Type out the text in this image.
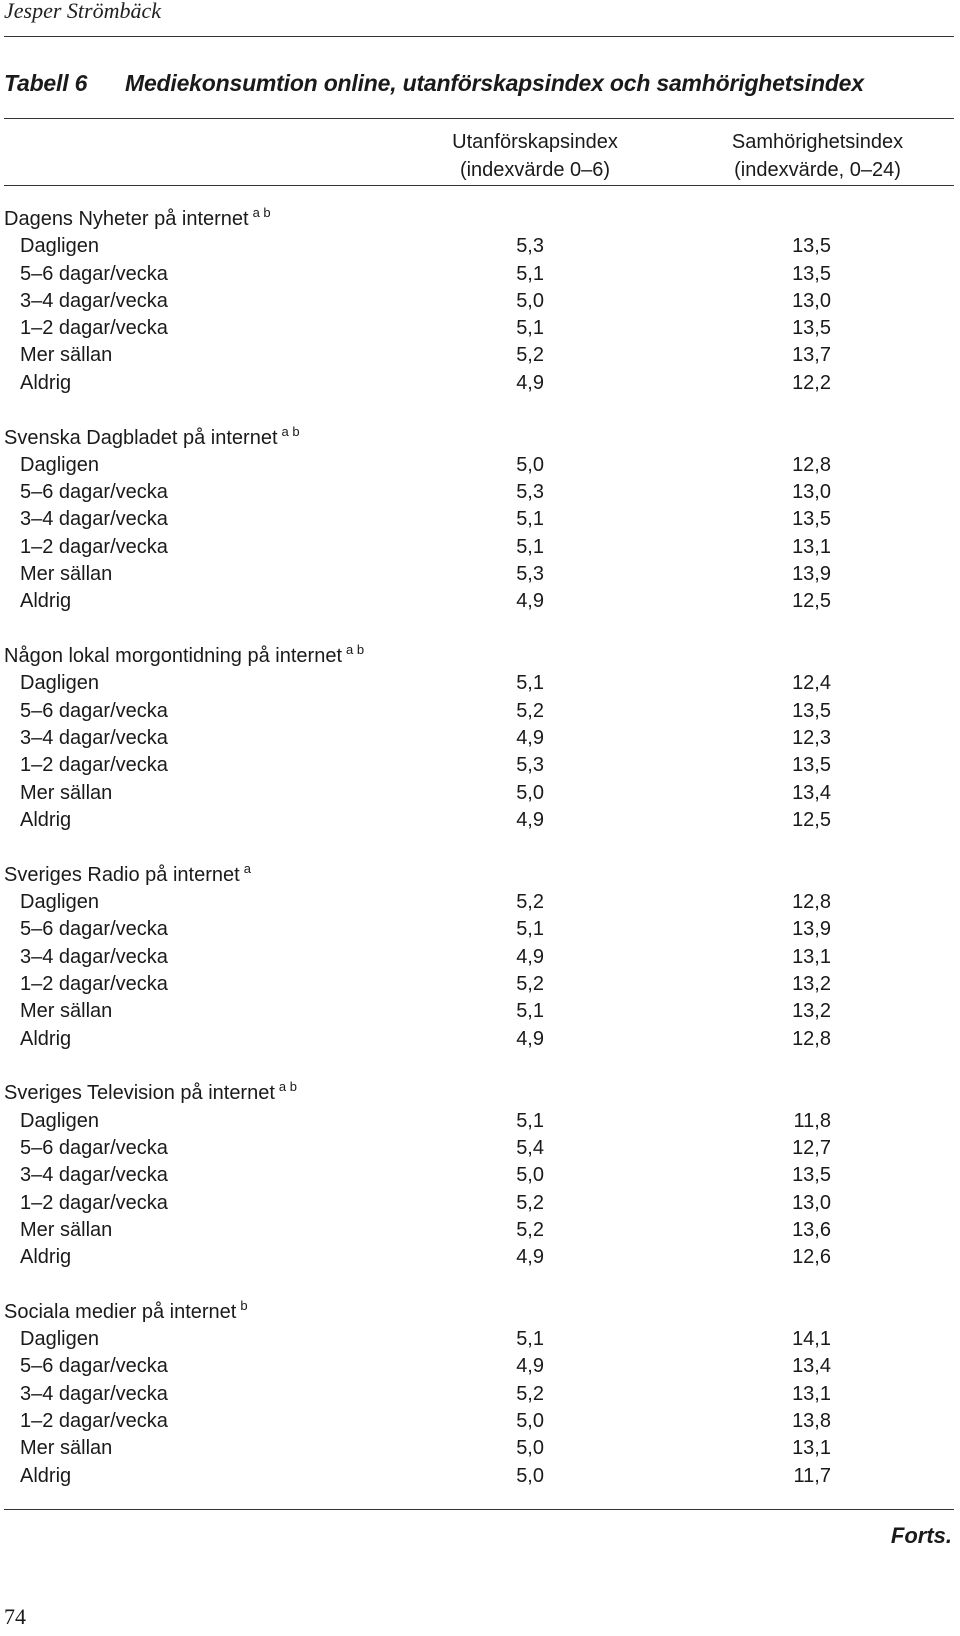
Jesper Strömbäck
Tabell 6 Mediekonsumtion online, utanförskapsindex och samhörighetsindex
Utanförskapsindex
(indexvärde 0–6)
Samhörighetsindex
(indexvärde, 0–24)
Dagens Nyheter på internet $^{a b}$
Dagligen	5,3	13,5
5–6 dagar/vecka	5,1	13,5
3–4 dagar/vecka	5,0	13,0
1–2 dagar/vecka	5,1	13,5
Mer sällan	5,2	13,7
Aldrig	4,9	12,2
Svenska Dagbladet på internet $^{a b}$
Dagligen	5,0	12,8
5–6 dagar/vecka	5,3	13,0
3–4 dagar/vecka	5,1	13,5
1–2 dagar/vecka	5,1	13,1
Mer sällan	5,3	13,9
Aldrig	4,9	12,5
Någon lokal morgontidning på internet $^{a b}$
Dagligen	5,1	12,4
5–6 dagar/vecka	5,2	13,5
3–4 dagar/vecka	4,9	12,3
1–2 dagar/vecka	5,3	13,5
Mer sällan	5,0	13,4
Aldrig	4,9	12,5
Sveriges Radio på internet $^a$
Dagligen	5,2	12,8
5–6 dagar/vecka	5,1	13,9
3–4 dagar/vecka	4,9	13,1
1–2 dagar/vecka	5,2	13,2
Mer sällan	5,1	13,2
Aldrig	4,9	12,8
Sveriges Television på internet $^{a b}$
Dagligen	5,1	11,8
5–6 dagar/vecka	5,4	12,7
3–4 dagar/vecka	5,0	13,5
1–2 dagar/vecka	5,2	13,0
Mer sällan	5,2	13,6
Aldrig	4,9	12,6
Sociala medier på internet $^b$
Dagligen	5,1	14,1
5–6 dagar/vecka	4,9	13,4
3–4 dagar/vecka	5,2	13,1
1–2 dagar/vecka	5,0	13,8
Mer sällan	5,0	13,1
Aldrig	5,0	11,7
Forts.
74
